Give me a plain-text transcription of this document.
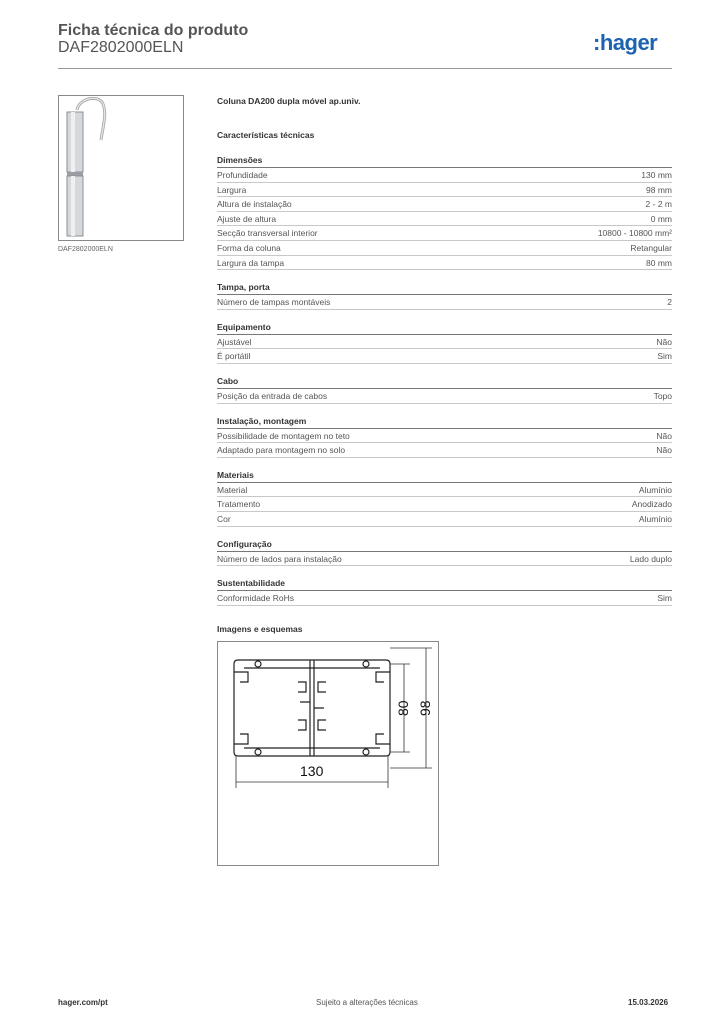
Ficha técnica do produto
DAF2802000ELN	:hager
DAF2802000ELN
Coluna DA200 dupla móvel ap.univ.
Características técnicas
Dimensões
Profundidade	130 mm
Largura	98 mm
Altura de instalação	2 - 2 m
Ajuste de altura	0 mm
Secção transversal interior	10800 - 10800 mm²
Forma da coluna	Retangular
Largura da tampa	80 mm
Tampa, porta
Número de tampas montáveis	2
Equipamento
Ajustável	Não
É portátil	Sim
Cabo
Posição da entrada de cabos	Topo
Instalação, montagem
Possibilidade de montagem no teto	Não
Adaptado para montagem no solo	Não
Materiais
Material	Alumínio
Tratamento	Anodizado
Cor	Alumínio
Configuração
Número de lados para instalação	Lado duplo
Sustentabilidade
Conformidade RoHs	Sim
Imagens e esquemas
130
80 98
hager.com/pt	Sujeito a alterações técnicas	15.03.2026
